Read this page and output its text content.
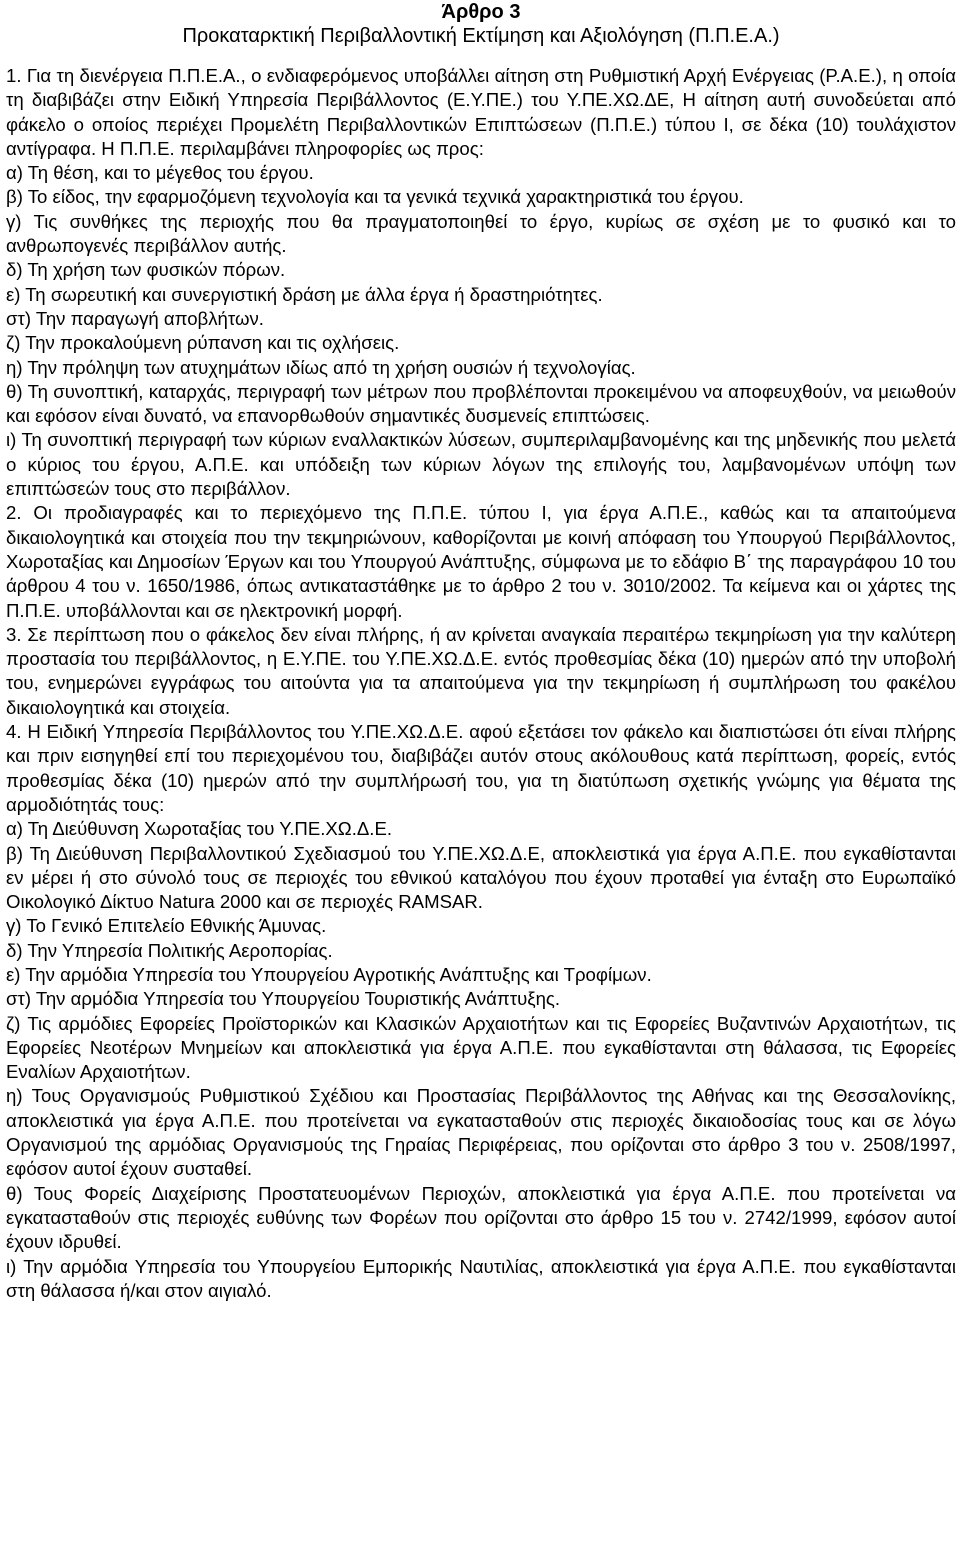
Άρθρο 3
Προκαταρκτική Περιβαλλοντική Εκτίμηση και Αξιολόγηση (Π.Π.Ε.Α.)

1. Για τη διενέργεια Π.Π.Ε.Α., ο ενδιαφερόμενος υποβάλλει αίτηση στη Ρυθμιστική Αρχή Ενέργειας (Ρ.Α.Ε.), η οποία τη διαβιβάζει στην Ειδική Υπηρεσία Περιβάλλοντος (Ε.Υ.ΠΕ.) του Υ.ΠΕ.ΧΩ.ΔΕ, Η αίτηση αυτή συνοδεύεται από φάκελο ο οποίος περιέχει Προμελέτη Περιβαλλοντικών Επιπτώσεων (Π.Π.Ε.) τύπου Ι, σε δέκα (10) τουλάχιστον αντίγραφα. Η Π.Π.Ε. περιλαμβάνει πληροφορίες ως προς:

α) Τη θέση, και το μέγεθος του έργου.

β) Το είδος, την εφαρμοζόμενη τεχνολογία και τα γενικά τεχνικά χαρακτηριστικά του έργου.

γ) Τις συνθήκες της περιοχής που θα πραγματοποιηθεί το έργο, κυρίως σε σχέση με το φυσικό και το ανθρωπογενές περιβάλλον αυτής.

δ) Τη χρήση των φυσικών πόρων.

ε) Τη σωρευτική και συνεργιστική δράση με άλλα έργα ή δραστηριότητες.

στ) Την παραγωγή αποβλήτων.

ζ) Την προκαλούμενη ρύπανση και τις οχλήσεις.

η) Την πρόληψη των ατυχημάτων ιδίως από τη χρήση ουσιών ή τεχνολογίας.

θ) Τη συνοπτική, καταρχάς, περιγραφή των μέτρων που προβλέπονται προκειμένου να αποφευχθούν, να μειωθούν και εφόσον είναι δυνατό, να επανορθωθούν σημαντικές δυσμενείς επιπτώσεις.

ι) Τη συνοπτική περιγραφή των κύριων εναλλακτικών λύσεων, συμπεριλαμβανομένης και της μηδενικής που μελετά ο κύριος του έργου, Α.Π.Ε. και υπόδειξη των κύριων λόγων της επιλογής του, λαμβανομένων υπόψη των επιπτώσεών τους στο περιβάλλον.

2. Οι προδιαγραφές και το περιεχόμενο της Π.Π.Ε. τύπου Ι, για έργα Α.Π.Ε., καθώς και τα απαιτούμενα δικαιολογητικά και στοιχεία που την τεκμηριώνουν, καθορίζονται με κοινή απόφαση του Υπουργού Περιβάλλοντος, Χωροταξίας και Δημοσίων Έργων και του Υπουργού Ανάπτυξης, σύμφωνα με το εδάφιο Β΄ της παραγράφου 10 του άρθρου 4 του ν. 1650/1986, όπως αντικαταστάθηκε με το άρθρο 2 του ν. 3010/2002. Τα κείμενα και οι χάρτες της Π.Π.Ε. υποβάλλονται και σε ηλεκτρονική μορφή.

3. Σε περίπτωση που ο φάκελος δεν είναι πλήρης, ή αν κρίνεται αναγκαία περαιτέρω τεκμηρίωση για την καλύτερη προστασία του περιβάλλοντος, η Ε.Υ.ΠΕ. του Υ.ΠΕ.ΧΩ.Δ.Ε. εντός προθεσμίας δέκα (10) ημερών από την υποβολή του, ενημερώνει εγγράφως του αιτούντα για τα απαιτούμενα για την τεκμηρίωση ή συμπλήρωση του φακέλου δικαιολογητικά και στοιχεία.

4. Η Ειδική Υπηρεσία Περιβάλλοντος του Υ.ΠΕ.ΧΩ.Δ.Ε. αφού εξετάσει τον φάκελο και διαπιστώσει ότι είναι πλήρης και πριν εισηγηθεί επί του περιεχομένου του, διαβιβάζει αυτόν στους ακόλουθους κατά περίπτωση, φορείς, εντός προθεσμίας δέκα (10) ημερών από την συμπλήρωσή του, για τη διατύπωση σχετικής γνώμης για θέματα της αρμοδιότητάς τους:

α) Τη Διεύθυνση Χωροταξίας του Υ.ΠΕ.ΧΩ.Δ.Ε.

β) Τη Διεύθυνση Περιβαλλοντικού Σχεδιασμού του Υ.ΠΕ.ΧΩ.Δ.Ε, αποκλειστικά για έργα Α.Π.Ε. που εγκαθίστανται εν μέρει ή στο σύνολό τους σε περιοχές του εθνικού καταλόγου που έχουν προταθεί για ένταξη στο Ευρωπαϊκό Οικολογικό Δίκτυο Natura 2000 και σε περιοχές RAMSAR.

γ) Το Γενικό Επιτελείο Εθνικής Άμυνας.

δ) Την Υπηρεσία Πολιτικής Αεροπορίας.

ε) Την αρμόδια Υπηρεσία του Υπουργείου Αγροτικής Ανάπτυξης και Τροφίμων.

στ) Την αρμόδια Υπηρεσία του Υπουργείου Τουριστικής Ανάπτυξης.

ζ) Τις αρμόδιες Εφορείες Προϊστορικών και Κλασικών Αρχαιοτήτων και τις Εφορείες Βυζαντινών Αρχαιοτήτων, τις Εφορείες Νεοτέρων Μνημείων και αποκλειστικά για έργα Α.Π.Ε. που εγκαθίστανται στη θάλασσα, τις Εφορείες Εναλίων Αρχαιοτήτων.

η) Τους Οργανισμούς Ρυθμιστικού Σχέδιου και Προστασίας Περιβάλλοντος της Αθήνας και της Θεσσαλονίκης, αποκλειστικά για έργα Α.Π.Ε. που προτείνεται να εγκατασταθούν στις περιοχές δικαιοδοσίας τους και σε λόγω Οργανισμού της αρμόδιας Οργανισμούς της Γηραίας Περιφέρειας, που ορίζονται στο άρθρο 3 του ν. 2508/1997, εφόσον αυτοί έχουν συσταθεί.

θ) Τους Φορείς Διαχείρισης Προστατευομένων Περιοχών, αποκλειστικά για έργα Α.Π.Ε. που προτείνεται να εγκατασταθούν στις περιοχές ευθύνης των Φορέων που ορίζονται στο άρθρο 15 του ν. 2742/1999, εφόσον αυτοί έχουν ιδρυθεί.

ι) Την αρμόδια Υπηρεσία του Υπουργείου Εμπορικής Ναυτιλίας, αποκλειστικά για έργα Α.Π.Ε. που εγκαθίστανται στη θάλασσα ή/και στον αιγιαλό.
